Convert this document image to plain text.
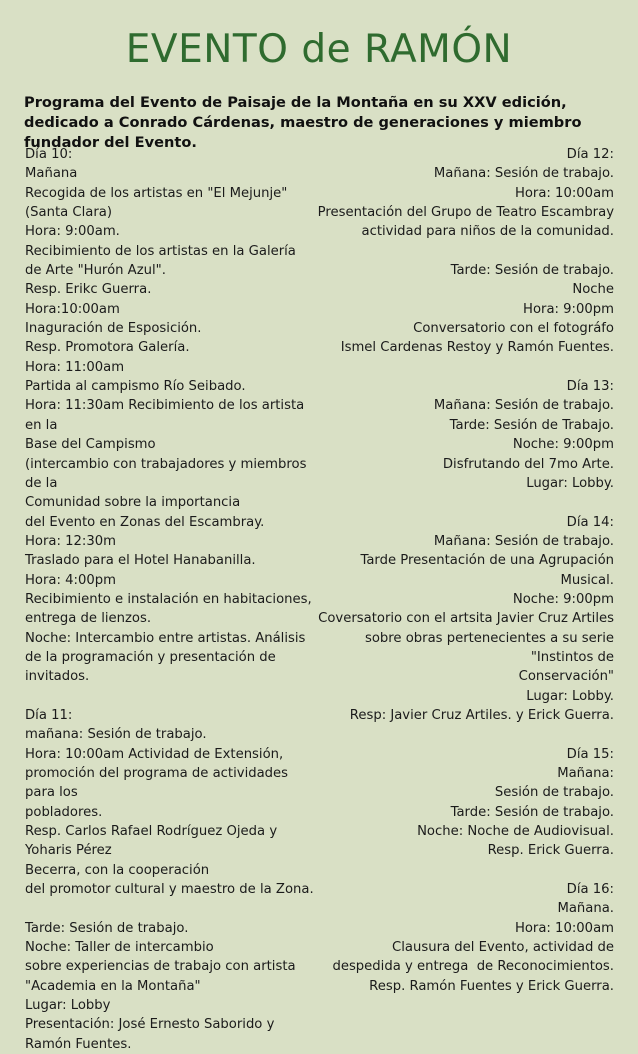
EVENTO de RAMÓN

Programa del Evento de Paisaje de la Montaña en su XXV edición, dedicado a Conrado Cárdenas, maestro de generaciones y miembro fundador del Evento.

Día 10:
Mañana
Recogida de los artistas en "El Mejunje"
(Santa Clara)
Hora: 9:00am.
Recibimiento de los artistas en la Galería
de Arte "Hurón Azul".
Resp. Erikc Guerra.
Hora:10:00am
Inaguración de Esposición.
Resp. Promotora Galería.
Hora: 11:00am
Partida al campismo Río Seibado.
Hora: 11:30am Recibimiento de los artista en la
Base del Campismo
(intercambio con trabajadores y miembros de la
Comunidad sobre la importancia
del Evento en Zonas del Escambray.
Hora: 12:30m
Traslado para el Hotel Hanabanilla.
Hora: 4:00pm
Recibimiento e instalación en habitaciones,
entrega de lienzos.
Noche: Intercambio entre artistas. Análisis
de la programación y presentación de invitados.

Día 11:
mañana: Sesión de trabajo.
Hora: 10:00am Actividad de Extensión,
promoción del programa de actividades para los
pobladores.
Resp. Carlos Rafael Rodríguez Ojeda y Yoharis Pérez
Becerra, con la cooperación
del promotor cultural y maestro de la Zona.

Tarde: Sesión de trabajo.
Noche: Taller de intercambio
sobre experiencias de trabajo con artista
"Academia en la Montaña"
Lugar: Lobby
Presentación: José Ernesto Saborido y
Ramón Fuentes.
Día 12:
Mañana: Sesión de trabajo.
Hora: 10:00am
Presentación del Grupo de Teatro Escambray
actividad para niños de la comunidad.

Tarde: Sesión de trabajo.
Noche
Hora: 9:00pm
Conversatorio con el fotográfo
Ismel Cardenas Restoy y Ramón Fuentes.

Día 13:
Mañana: Sesión de trabajo.
Tarde: Sesión de Trabajo.
Noche: 9:00pm
Disfrutando del 7mo Arte.
Lugar: Lobby.

Día 14:
Mañana: Sesión de trabajo.
Tarde Presentación de una Agrupación Musical.
Noche: 9:00pm
Coversatorio con el artsita Javier Cruz Artiles
sobre obras pertenecientes a su serie
"Instintos de
Conservación"
Lugar: Lobby.
Resp: Javier Cruz Artiles. y Erick Guerra.

Día 15:
Mañana:
Sesión de trabajo.
Tarde: Sesión de trabajo.
Noche: Noche de Audiovisual.
Resp. Erick Guerra.

Día 16:
Mañana.
Hora: 10:00am
Clausura del Evento, actividad de
despedida y entrega  de Reconocimientos.
Resp. Ramón Fuentes y Erick Guerra.
